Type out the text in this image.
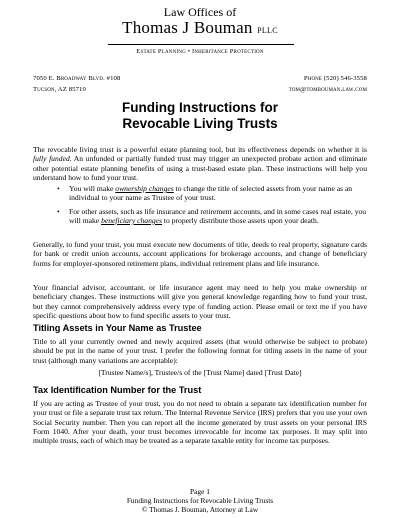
Law Offices of
Thomas J Bouman PLLC
Estate Planning • Inheritance Protection
7050 E. Broadway Blvd. #108
Tucson, AZ 85710
Phone (520) 546-3558
tom@tombouman.law.com
Funding Instructions for
Revocable Living Trusts
The revocable living trust is a powerful estate planning tool, but its effectiveness depends on whether it is fully funded. An unfunded or partially funded trust may trigger an unexpected probate action and eliminate other potential estate planning benefits of using a trust-based estate plan. These instructions will help you understand how to fund your trust.
• You will make ownership changes to change the title of selected assets from your name as an individual to your name as Trustee of your trust.
• For other assets, such as life insurance and retirement accounts, and in some cases real estate, you will make beneficiary changes to properly distribute those assets upon your death.
Generally, to fund your trust, you must execute new documents of title, deeds to real property, signature cards for bank or credit union accounts, account applications for brokerage accounts, and change of beneficiary forms for employer-sponsored retirement plans, individual retirement plans and life insurance.
Your financial advisor, accountant, or life insurance agent may need to help you make ownership or beneficiary changes. These instructions will give you general knowledge regarding how to fund your trust, but they cannot comprehensively address every type of funding action. Please email or text me if you have specific questions about how to fund specific assets to your trust.
Titling Assets in Your Name as Trustee
Title to all your currently owned and newly acquired assets (that would otherwise be subject to probate) should be put in the name of your trust. I prefer the following format for titling assets in the name of your trust (although many variations are acceptable):
[Trustee Name/s], Trustee/s of the [Trust Name] dated [Trust Date]
Tax Identification Number for the Trust
If you are acting as Trustee of your trust, you do not need to obtain a separate tax identification number for your trust or file a separate trust tax return. The Internal Revenue Service (IRS) prefers that you use your own Social Security number. Then you can report all the income generated by trust assets on your personal IRS Form 1040. After your death, your trust becomes irrevocable for income tax purposes. It may split into multiple trusts, each of which may be treated as a separate taxable entity for income tax purposes.
Page 1
Funding Instructions for Revocable Living Trusts
© Thomas J. Bouman, Attorney at Law
